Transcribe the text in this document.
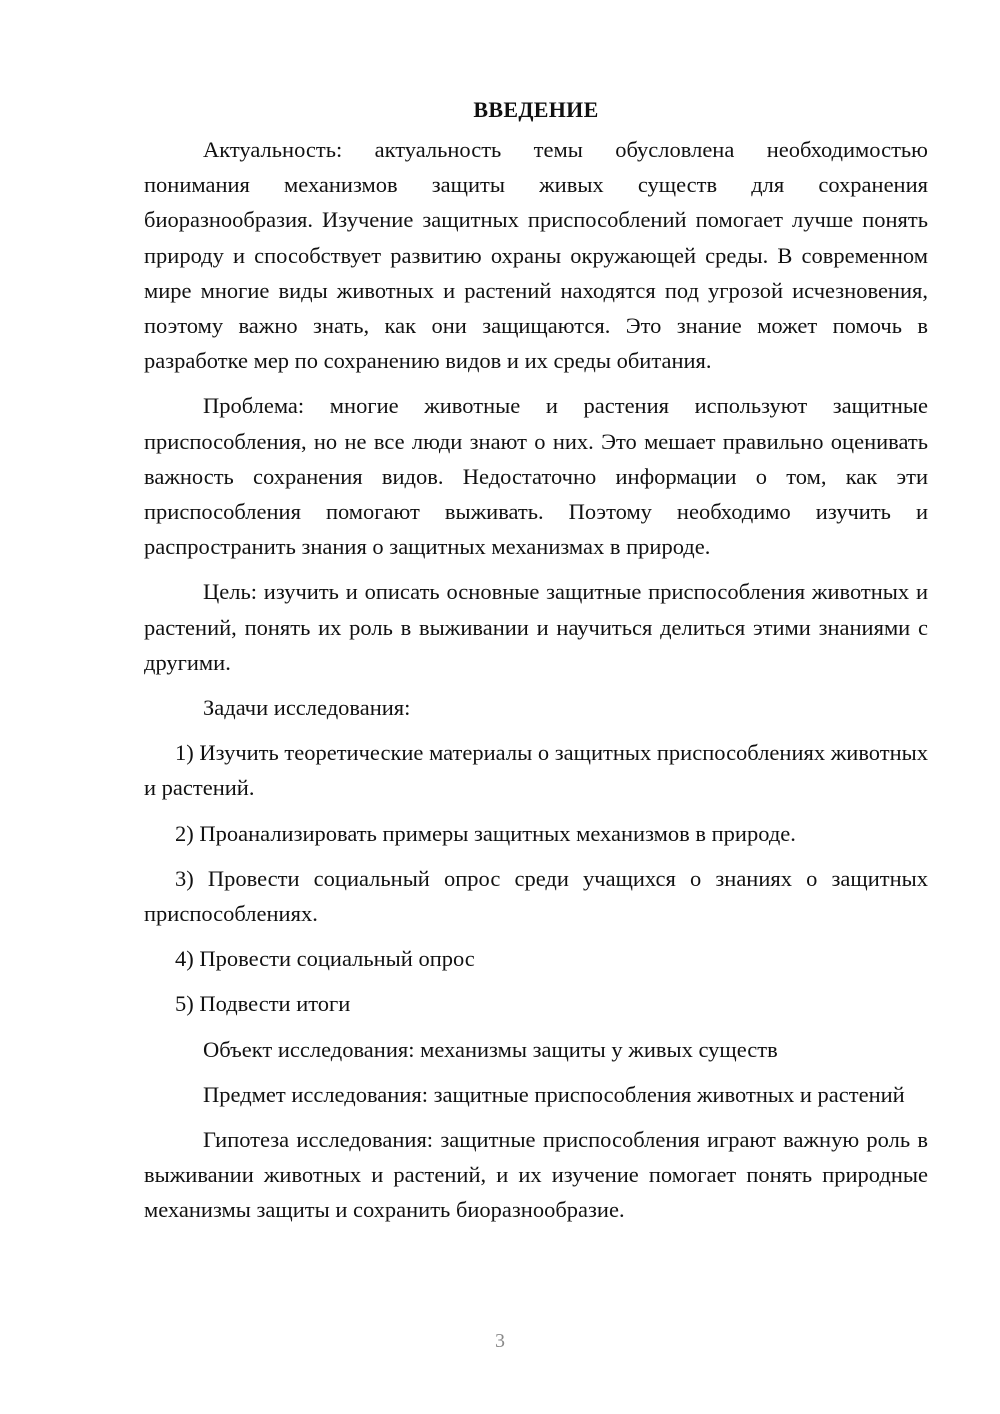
ВВЕДЕНИЕ

Актуальность: актуальность темы обусловлена необходимостью понимания механизмов защиты живых существ для сохранения биоразнообразия. Изучение защитных приспособлений помогает лучше понять природу и способствует развитию охраны окружающей среды. В современном мире многие виды животных и растений находятся под угрозой исчезновения, поэтому важно знать, как они защищаются. Это знание может помочь в разработке мер по сохранению видов и их среды обитания.

Проблема: многие животные и растения используют защитные приспособления, но не все люди знают о них. Это мешает правильно оценивать важность сохранения видов. Недостаточно информации о том, как эти приспособления помогают выживать. Поэтому необходимо изучить и распространить знания о защитных механизмах в природе.

Цель: изучить и описать основные защитные приспособления животных и растений, понять их роль в выживании и научиться делиться этими знаниями с другими.

Задачи исследования:

1) Изучить теоретические материалы о защитных приспособлениях животных и растений.

2) Проанализировать примеры защитных механизмов в природе.

3) Провести социальный опрос среди учащихся о знаниях о защитных приспособлениях.

4) Провести социальный опрос

5) Подвести итоги

Объект исследования: механизмы защиты у живых существ

Предмет исследования: защитные приспособления животных и растений

Гипотеза исследования: защитные приспособления играют важную роль в выживании животных и растений, и их изучение помогает понять природные механизмы защиты и сохранить биоразнообразие.

3
